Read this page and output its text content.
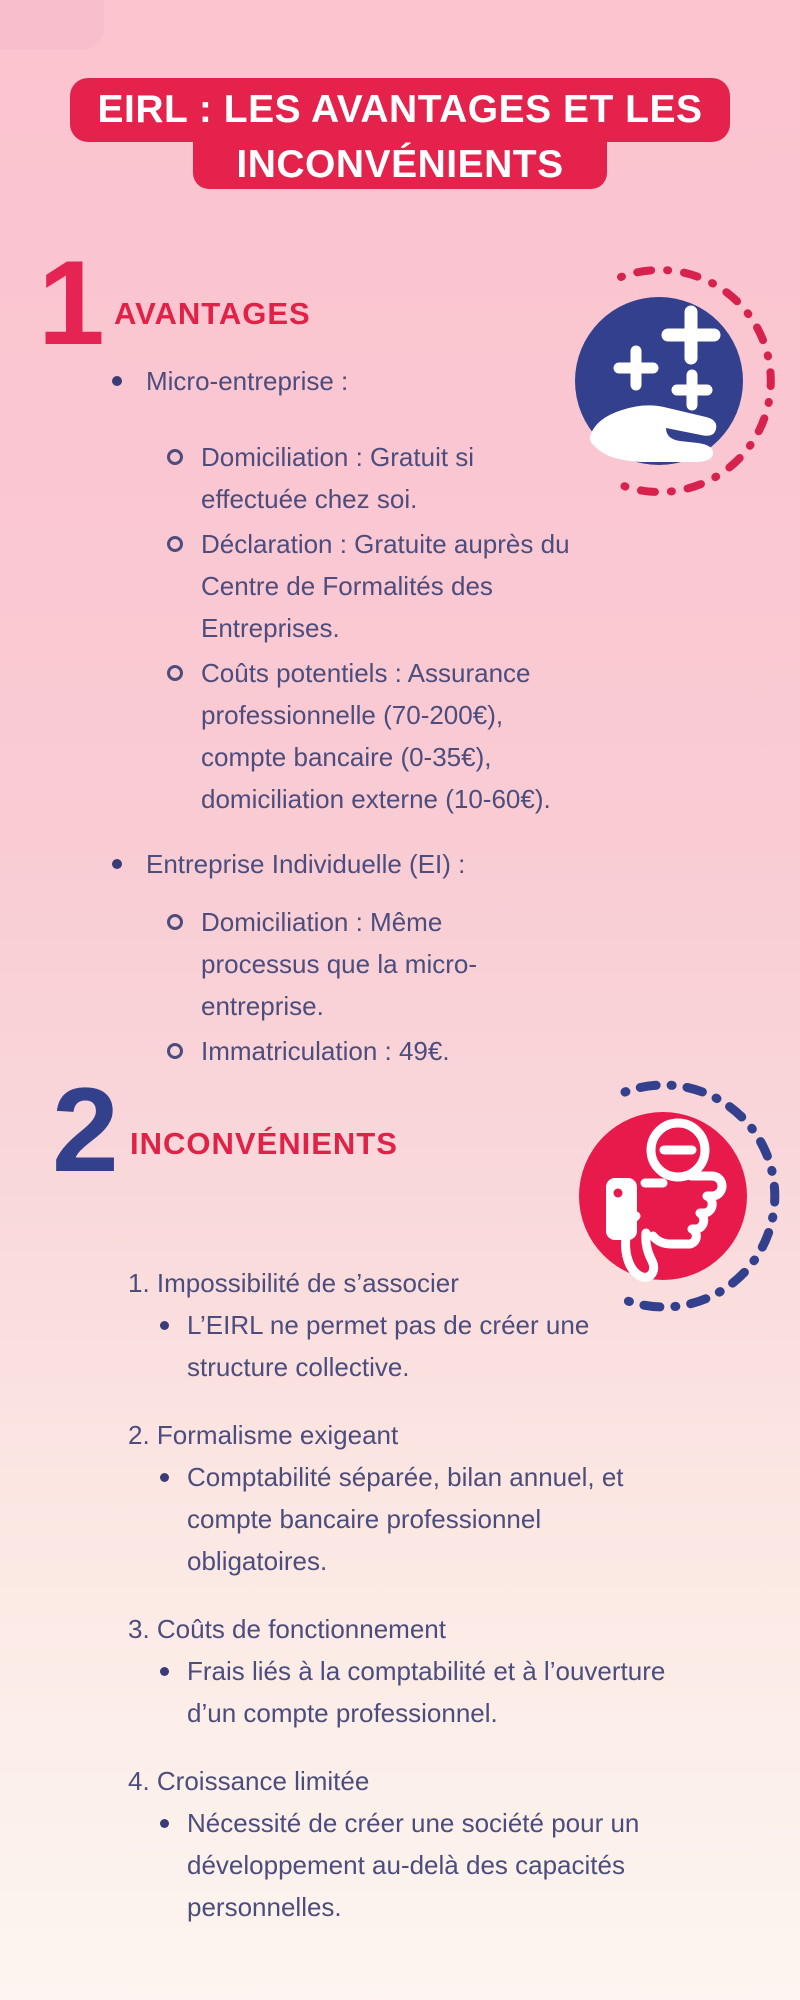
EIRL : LES AVANTAGES ET LES
INCONVÉNIENTS
1 AVANTAGES
Micro-entreprise :
Domiciliation : Gratuit si effectuée chez soi.
Déclaration : Gratuite auprès du Centre de Formalités des Entreprises.
Coûts potentiels : Assurance professionnelle (70-200€), compte bancaire (0-35€), domiciliation externe (10-60€).
Entreprise Individuelle (EI) :
Domiciliation : Même processus que la micro-entreprise.
Immatriculation : 49€.
2 INCONVÉNIENTS
1. Impossibilité de s’associer
L’EIRL ne permet pas de créer une structure collective.
2. Formalisme exigeant
Comptabilité séparée, bilan annuel, et compte bancaire professionnel obligatoires.
3. Coûts de fonctionnement
Frais liés à la comptabilité et à l’ouverture d’un compte professionnel.
4. Croissance limitée
Nécessité de créer une société pour un développement au-delà des capacités personnelles.
